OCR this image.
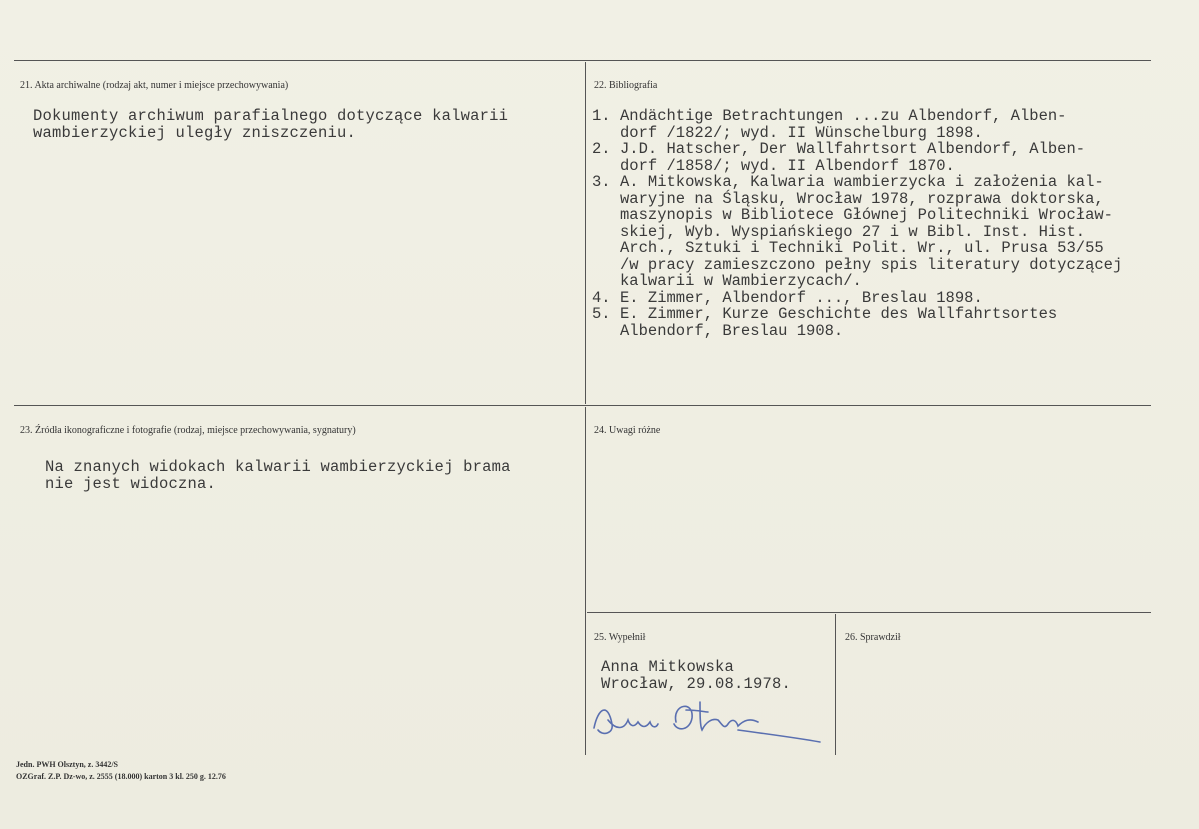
21. Akta archiwalne (rodzaj akt, numer i miejsce przechowywania)
Dokumenty archiwum parafialnego dotyczące kalwarii
wambierzyckiej uległy zniszczeniu.
22. Bibliografia
1. Andächtige Betrachtungen ...zu Albendorf, Alben-
dorf /1822/; wyd. II Wünschelburg 1898.
2. J.D. Hatscher, Der Wallfahrtsort Albendorf, Alben-
dorf /1858/; wyd. II Albendorf 1870.
3. A. Mitkowska, Kalwaria wambierzycka i założenia kal-
waryjne na Śląsku, Wrocław 1978, rozprawa doktorska,
maszynopis w Bibliotece Głównej Politechniki Wrocław-
skiej, Wyb. Wyspiańskiego 27 i w Bibl. Inst. Hist.
Arch., Sztuki i Techniki Polit. Wr., ul. Prusa 53/55
/w pracy zamieszczono pełny spis literatury dotyczącej
kalwarii w Wambierzycach/.
4. E. Zimmer, Albendorf ..., Breslau 1898.
5. E. Zimmer, Kurze Geschichte des Wallfahrtsortes
Albendorf, Breslau 1908.
23. Źródła ikonograficzne i fotografie (rodzaj, miejsce przechowywania, sygnatury)
Na znanych widokach kalwarii wambierzyckiej brama
nie jest widoczna.
24. Uwagi różne
25. Wypełnił
Anna Mitkowska
Wrocław, 29.08.1978.
26. Sprawdził
Jedn. PWH Olsztyn, z. 3442/S
OZGraf. Z.P. Dz-wo, z. 2555 (18.000) karton 3 kl. 250 g. 12.76
